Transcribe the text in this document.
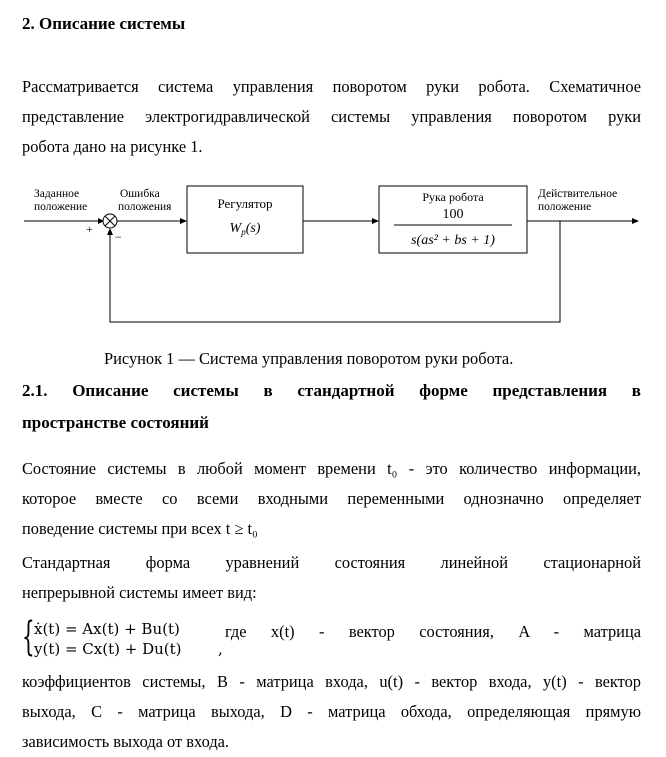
2. Описание системы
Рассматривается система управления поворотом руки робота. Схематичное
представление электрогидравлической системы управления поворотом руки
робота дано на рисунке 1.
Заданное
положение
Ошибка
положения
+
−
Регулятор
$W_p(s)$
Рука робота
100
s(as² + bs + 1)
Действительное
положение
Рисунок 1 — Система управления поворотом руки робота.
2.1.  Описание  системы  в  стандартной  форме  представления  в
пространстве состояний
Состояние системы в любой момент времени t₀ - это количество информации,
которое вместе со всеми входными переменными однозначно определяет
поведение системы при всех t ≥ t₀
Стандартная форма уравнений состояния линейной стационарной
непрерывной системы имеет вид:
{ ẋ(t) = Ax(t) + Bu(t)
y(t) = Cx(t) + Du(t) ,
где  x(t)  -  вектор  состояния,  A  -  матрица
коэффициентов системы, B - матрица входа, u(t) - вектор входа, y(t) - вектор
выхода, C - матрица выхода, D - матрица обхода, определяющая прямую
зависимость выхода от входа.
